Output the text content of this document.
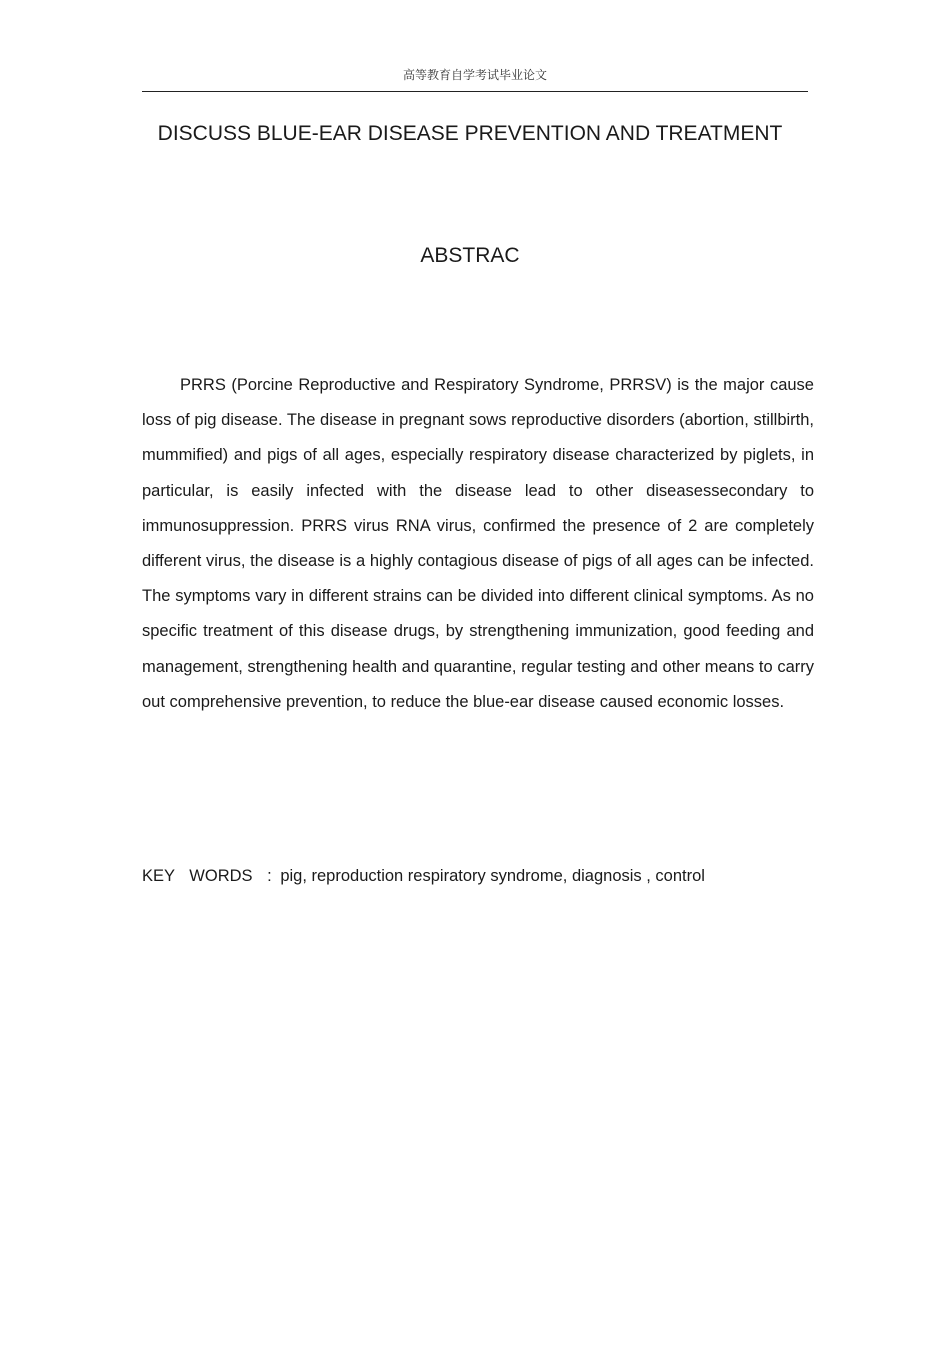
高等教育自学考试毕业论文
DISCUSS BLUE-EAR DISEASE PREVENTION AND TREATMENT
ABSTRAC

PRRS (Porcine Reproductive and Respiratory Syndrome, PRRSV) is the major cause loss of pig disease. The disease in pregnant sows reproductive disorders (abortion, stillbirth, mummified) and pigs of all ages, especially respiratory disease characterized by piglets, in particular, is easily infected with the disease lead to other diseasessecondary to immunosuppression. PRRS virus RNA virus, confirmed the presence of 2 are completely different virus, the disease is a highly contagious disease of pigs of all ages can be infected. The symptoms vary in different strains can be divided into different clinical symptoms. As no specific treatment of this disease drugs, by strengthening immunization, good feeding and management, strengthening health and quarantine, regular testing and other means to carry out comprehensive prevention, to reduce the blue-ear disease caused economic losses.

KEY WORDS : pig, reproduction respiratory syndrome, diagnosis , control
